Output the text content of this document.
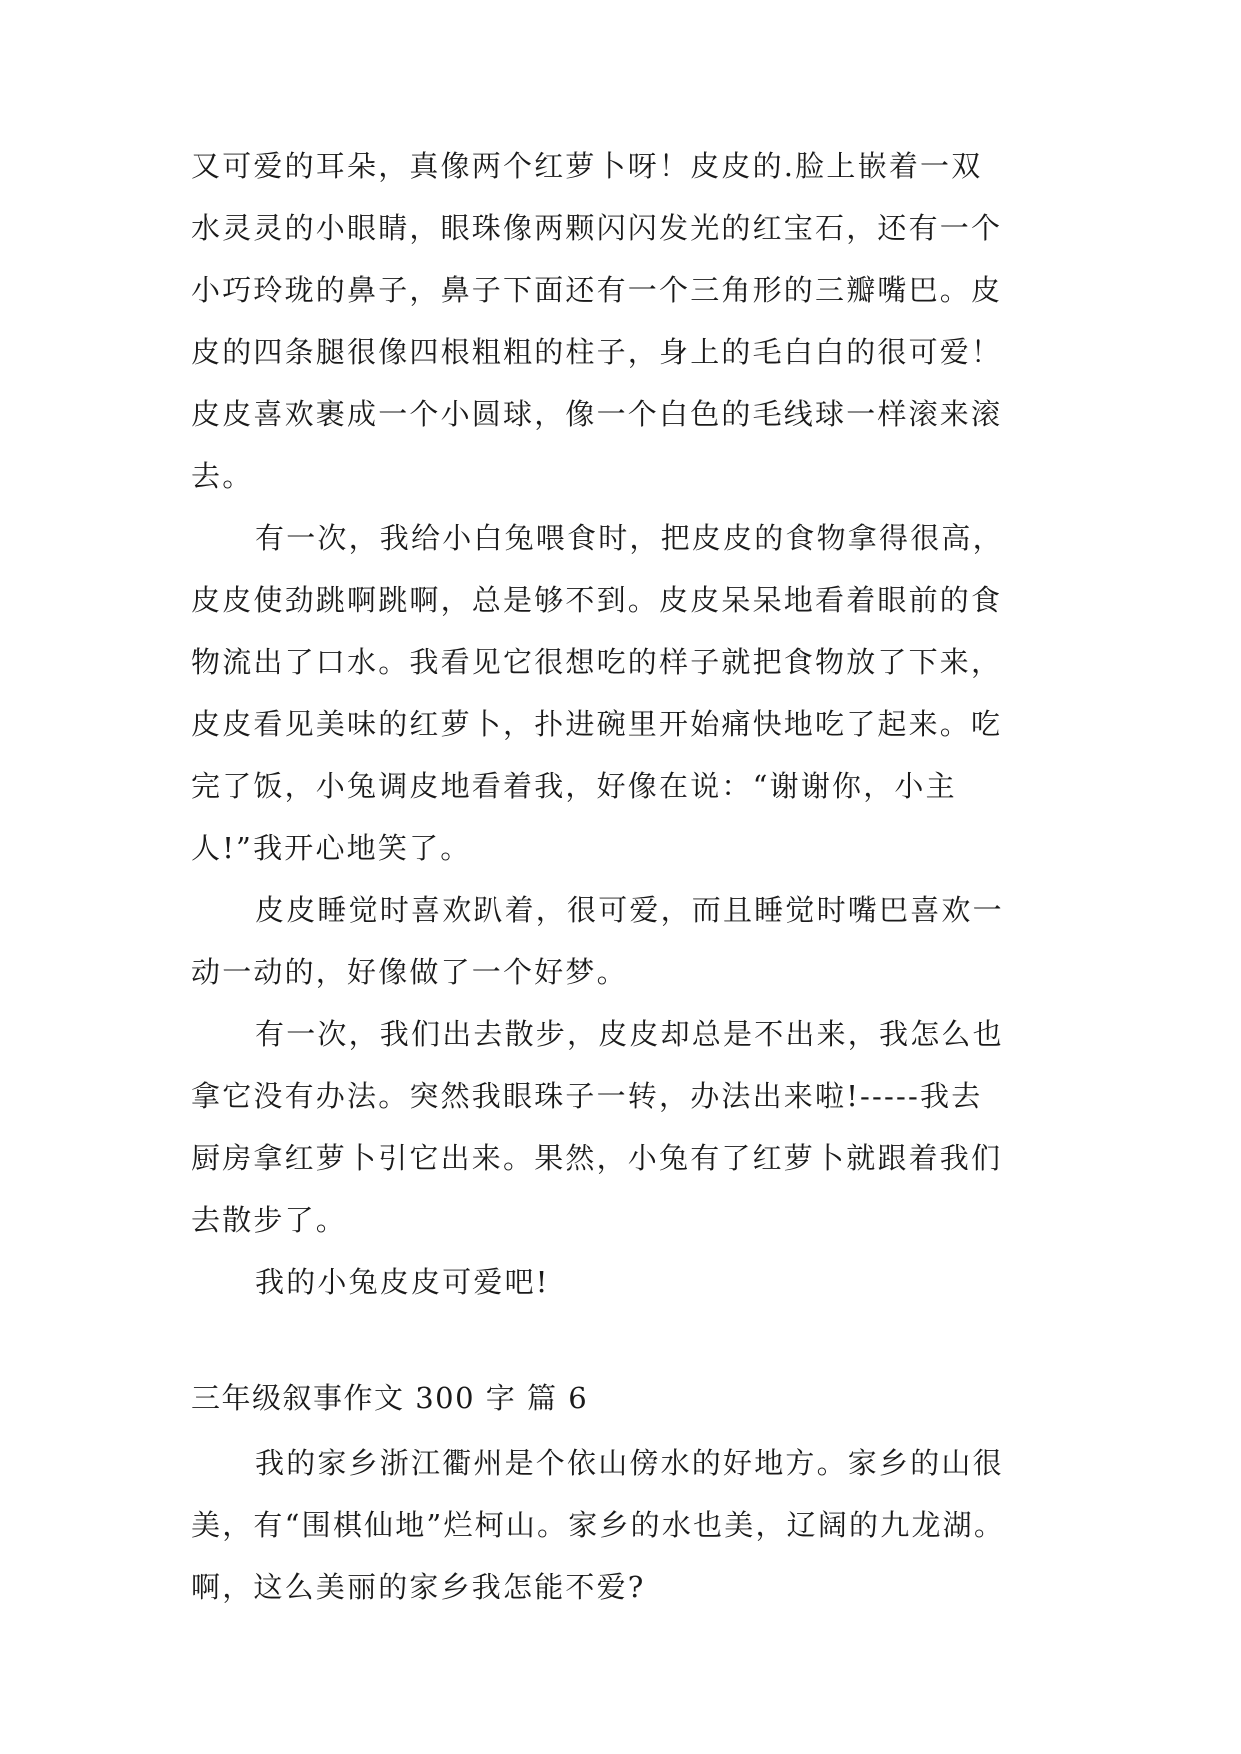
又可爱的耳朵，真像两个红萝卜呀！皮皮的.脸上嵌着一双
水灵灵的小眼睛，眼珠像两颗闪闪发光的红宝石，还有一个
小巧玲珑的鼻子，鼻子下面还有一个三角形的三瓣嘴巴。皮
皮的四条腿很像四根粗粗的柱子，身上的毛白白的很可爱！
皮皮喜欢裹成一个小圆球，像一个白色的毛线球一样滚来滚
去。
有一次，我给小白兔喂食时，把皮皮的食物拿得很高，
皮皮使劲跳啊跳啊，总是够不到。皮皮呆呆地看着眼前的食
物流出了口水。我看见它很想吃的样子就把食物放了下来，
皮皮看见美味的红萝卜，扑进碗里开始痛快地吃了起来。吃
完了饭，小兔调皮地看着我，好像在说：“谢谢你，小主
人!”我开心地笑了。
皮皮睡觉时喜欢趴着，很可爱，而且睡觉时嘴巴喜欢一
动一动的，好像做了一个好梦。
有一次，我们出去散步，皮皮却总是不出来，我怎么也
拿它没有办法。突然我眼珠子一转，办法出来啦!-----我去
厨房拿红萝卜引它出来。果然，小兔有了红萝卜就跟着我们
去散步了。
我的小兔皮皮可爱吧!
三年级叙事作文 300 字 篇 6
我的家乡浙江衢州是个依山傍水的好地方。家乡的山很
美，有“围棋仙地”烂柯山。家乡的水也美，辽阔的九龙湖。
啊，这么美丽的家乡我怎能不爱?
